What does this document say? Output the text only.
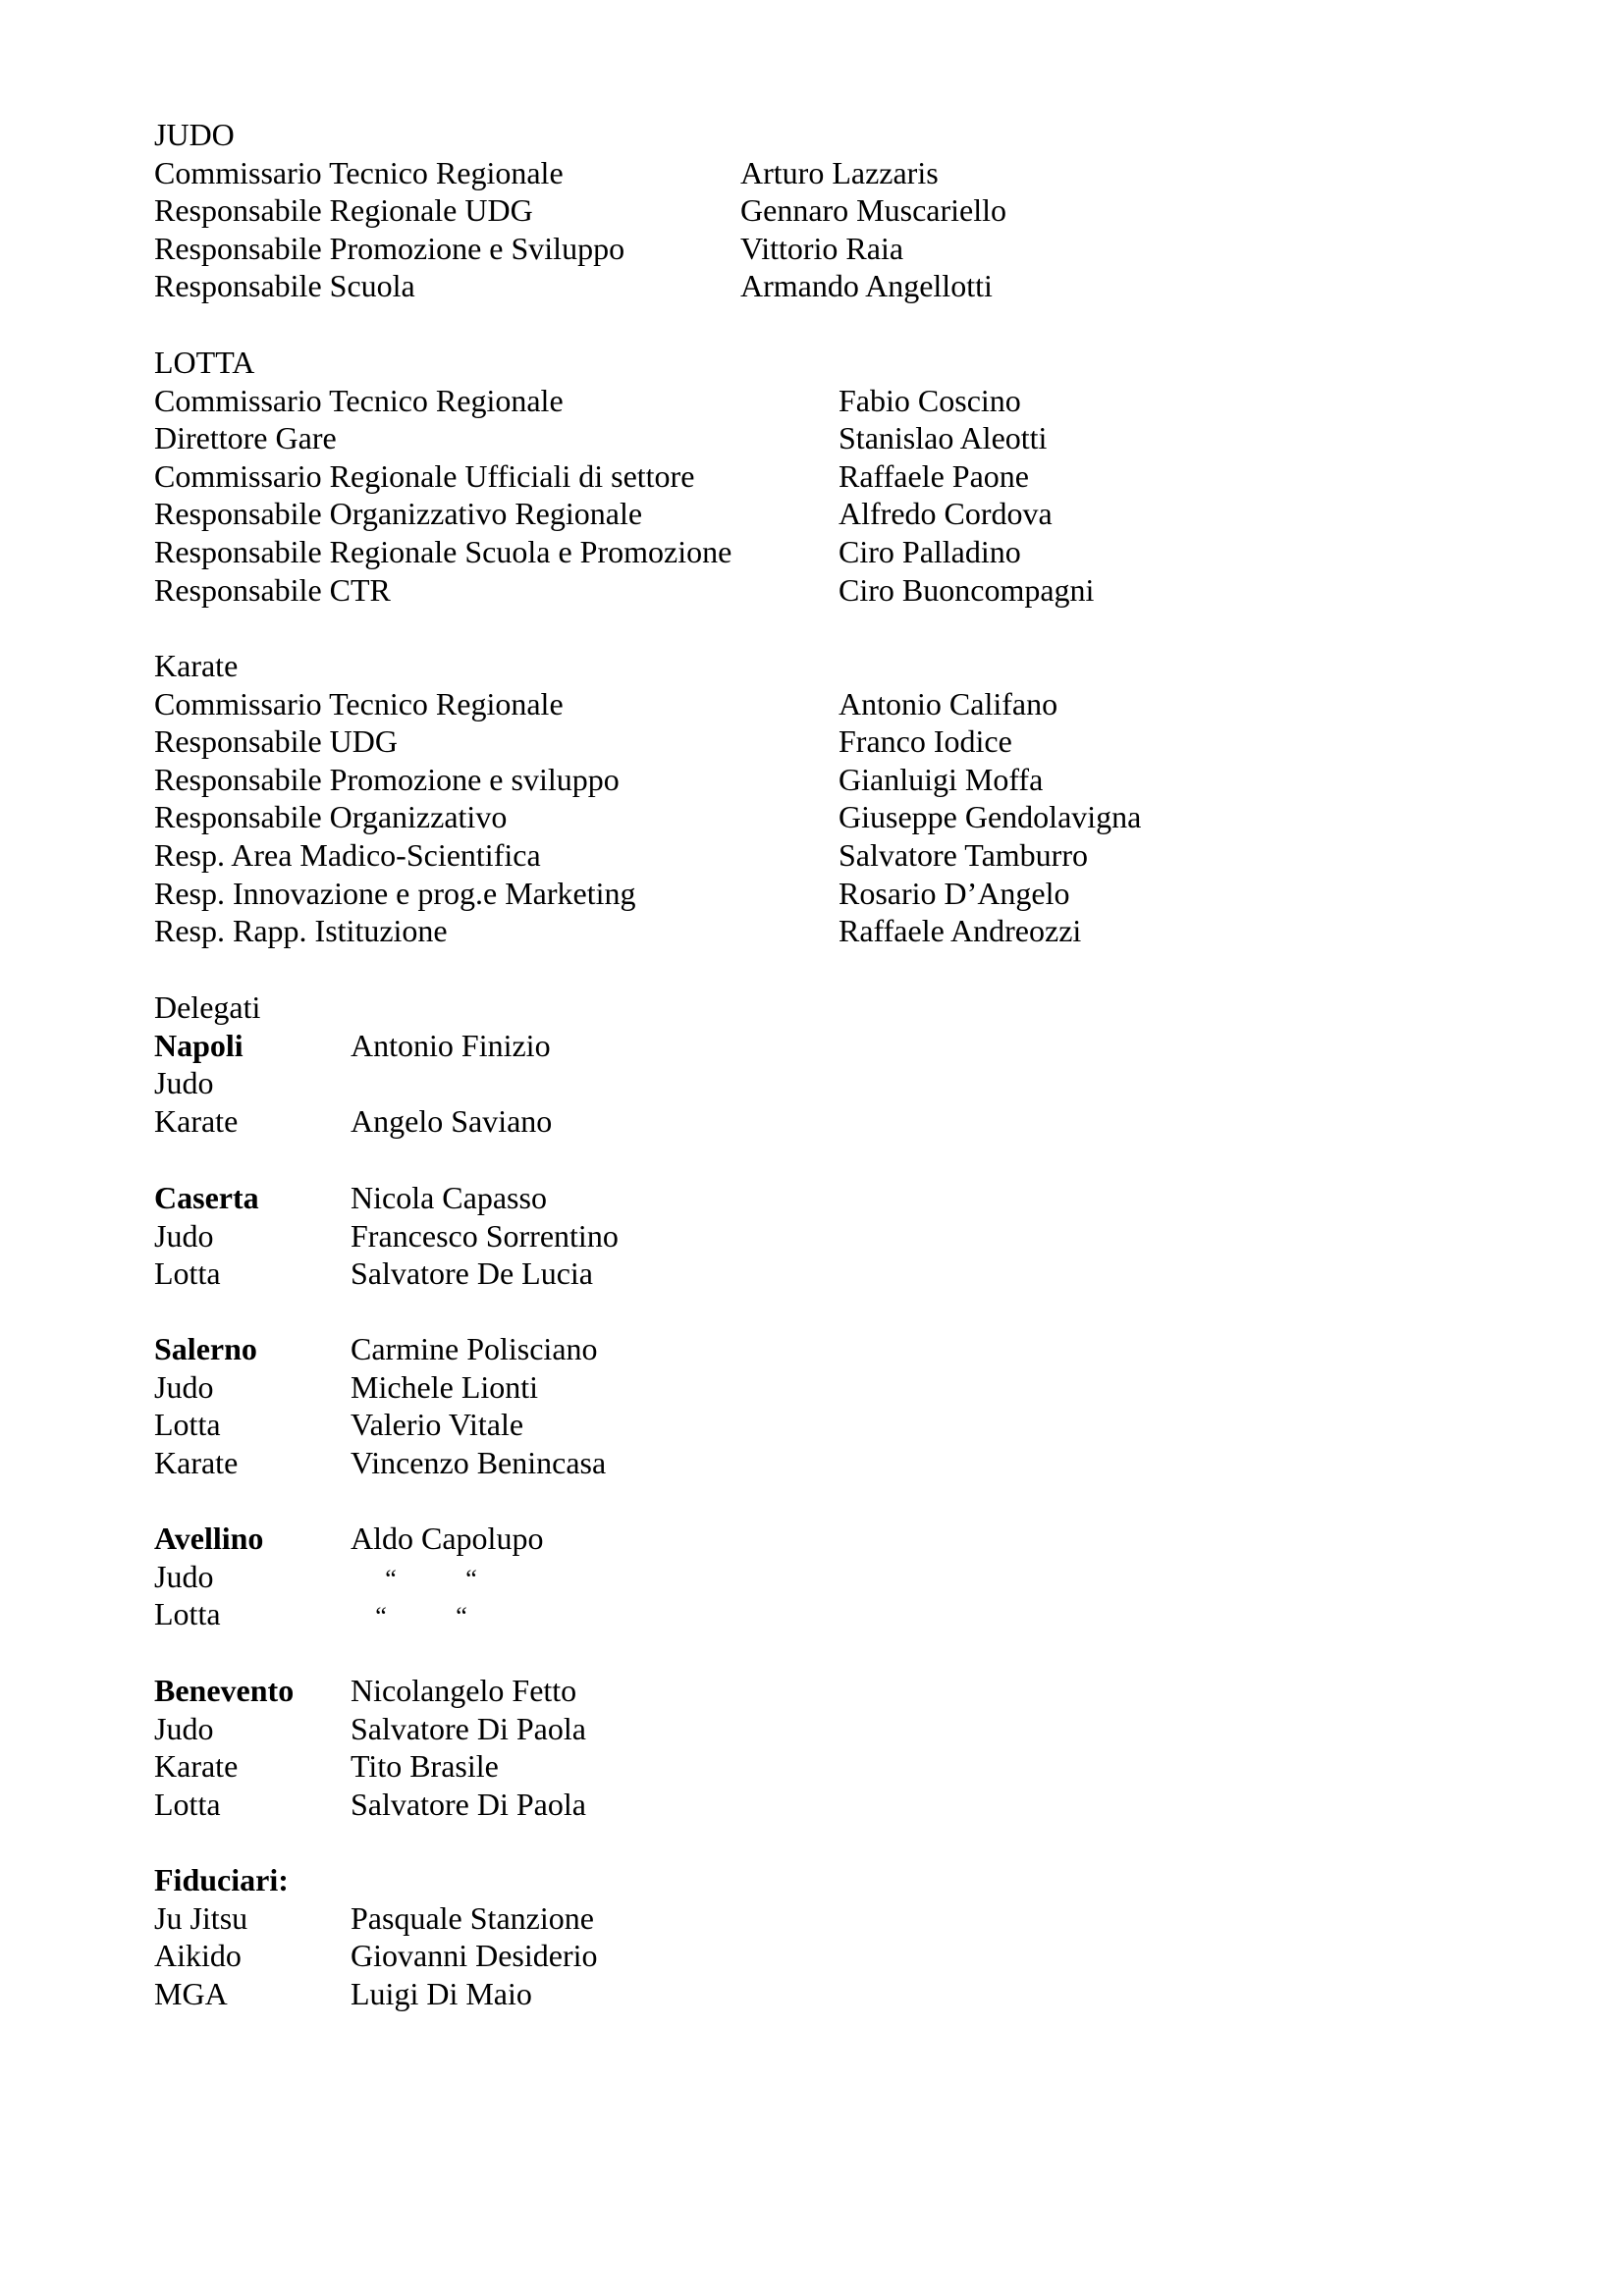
JUDO
Commissario Tecnico Regionale	Arturo Lazzaris
Responsabile Regionale UDG	Gennaro Muscariello
Responsabile Promozione e Sviluppo	Vittorio Raia
Responsabile Scuola	Armando Angellotti
LOTTA
Commissario Tecnico Regionale	Fabio Coscino
Direttore Gare	Stanislao Aleotti
Commissario Regionale Ufficiali di settore	Raffaele Paone
Responsabile Organizzativo Regionale	Alfredo Cordova
Responsabile Regionale Scuola e Promozione	Ciro Palladino
Responsabile CTR	Ciro Buoncompagni
Karate
Commissario Tecnico Regionale	Antonio Califano
Responsabile UDG	Franco Iodice
Responsabile Promozione e sviluppo	Gianluigi Moffa
Responsabile Organizzativo	Giuseppe Gendolavigna
Resp. Area Madico-Scientifica	Salvatore Tamburro
Resp. Innovazione e prog.e Marketing	Rosario D’Angelo
Resp. Rapp. Istituzione	Raffaele Andreozzi
Delegati
Napoli	Antonio Finizio
Judo
Karate	Angelo Saviano
Caserta	Nicola Capasso
Judo	Francesco Sorrentino
Lotta	Salvatore De Lucia
Salerno	Carmine Polisciano
Judo	Michele Lionti
Lotta	Valerio Vitale
Karate	Vincenzo Benincasa
Avellino	Aldo Capolupo
Judo	“	“
Lotta	“	“
Benevento Nicolangelo Fetto
Judo	Salvatore Di Paola
Karate	Tito Brasile
Lotta	Salvatore Di Paola
Fiduciari:
Ju Jitsu	Pasquale Stanzione
Aikido	Giovanni Desiderio
MGA	Luigi Di Maio
